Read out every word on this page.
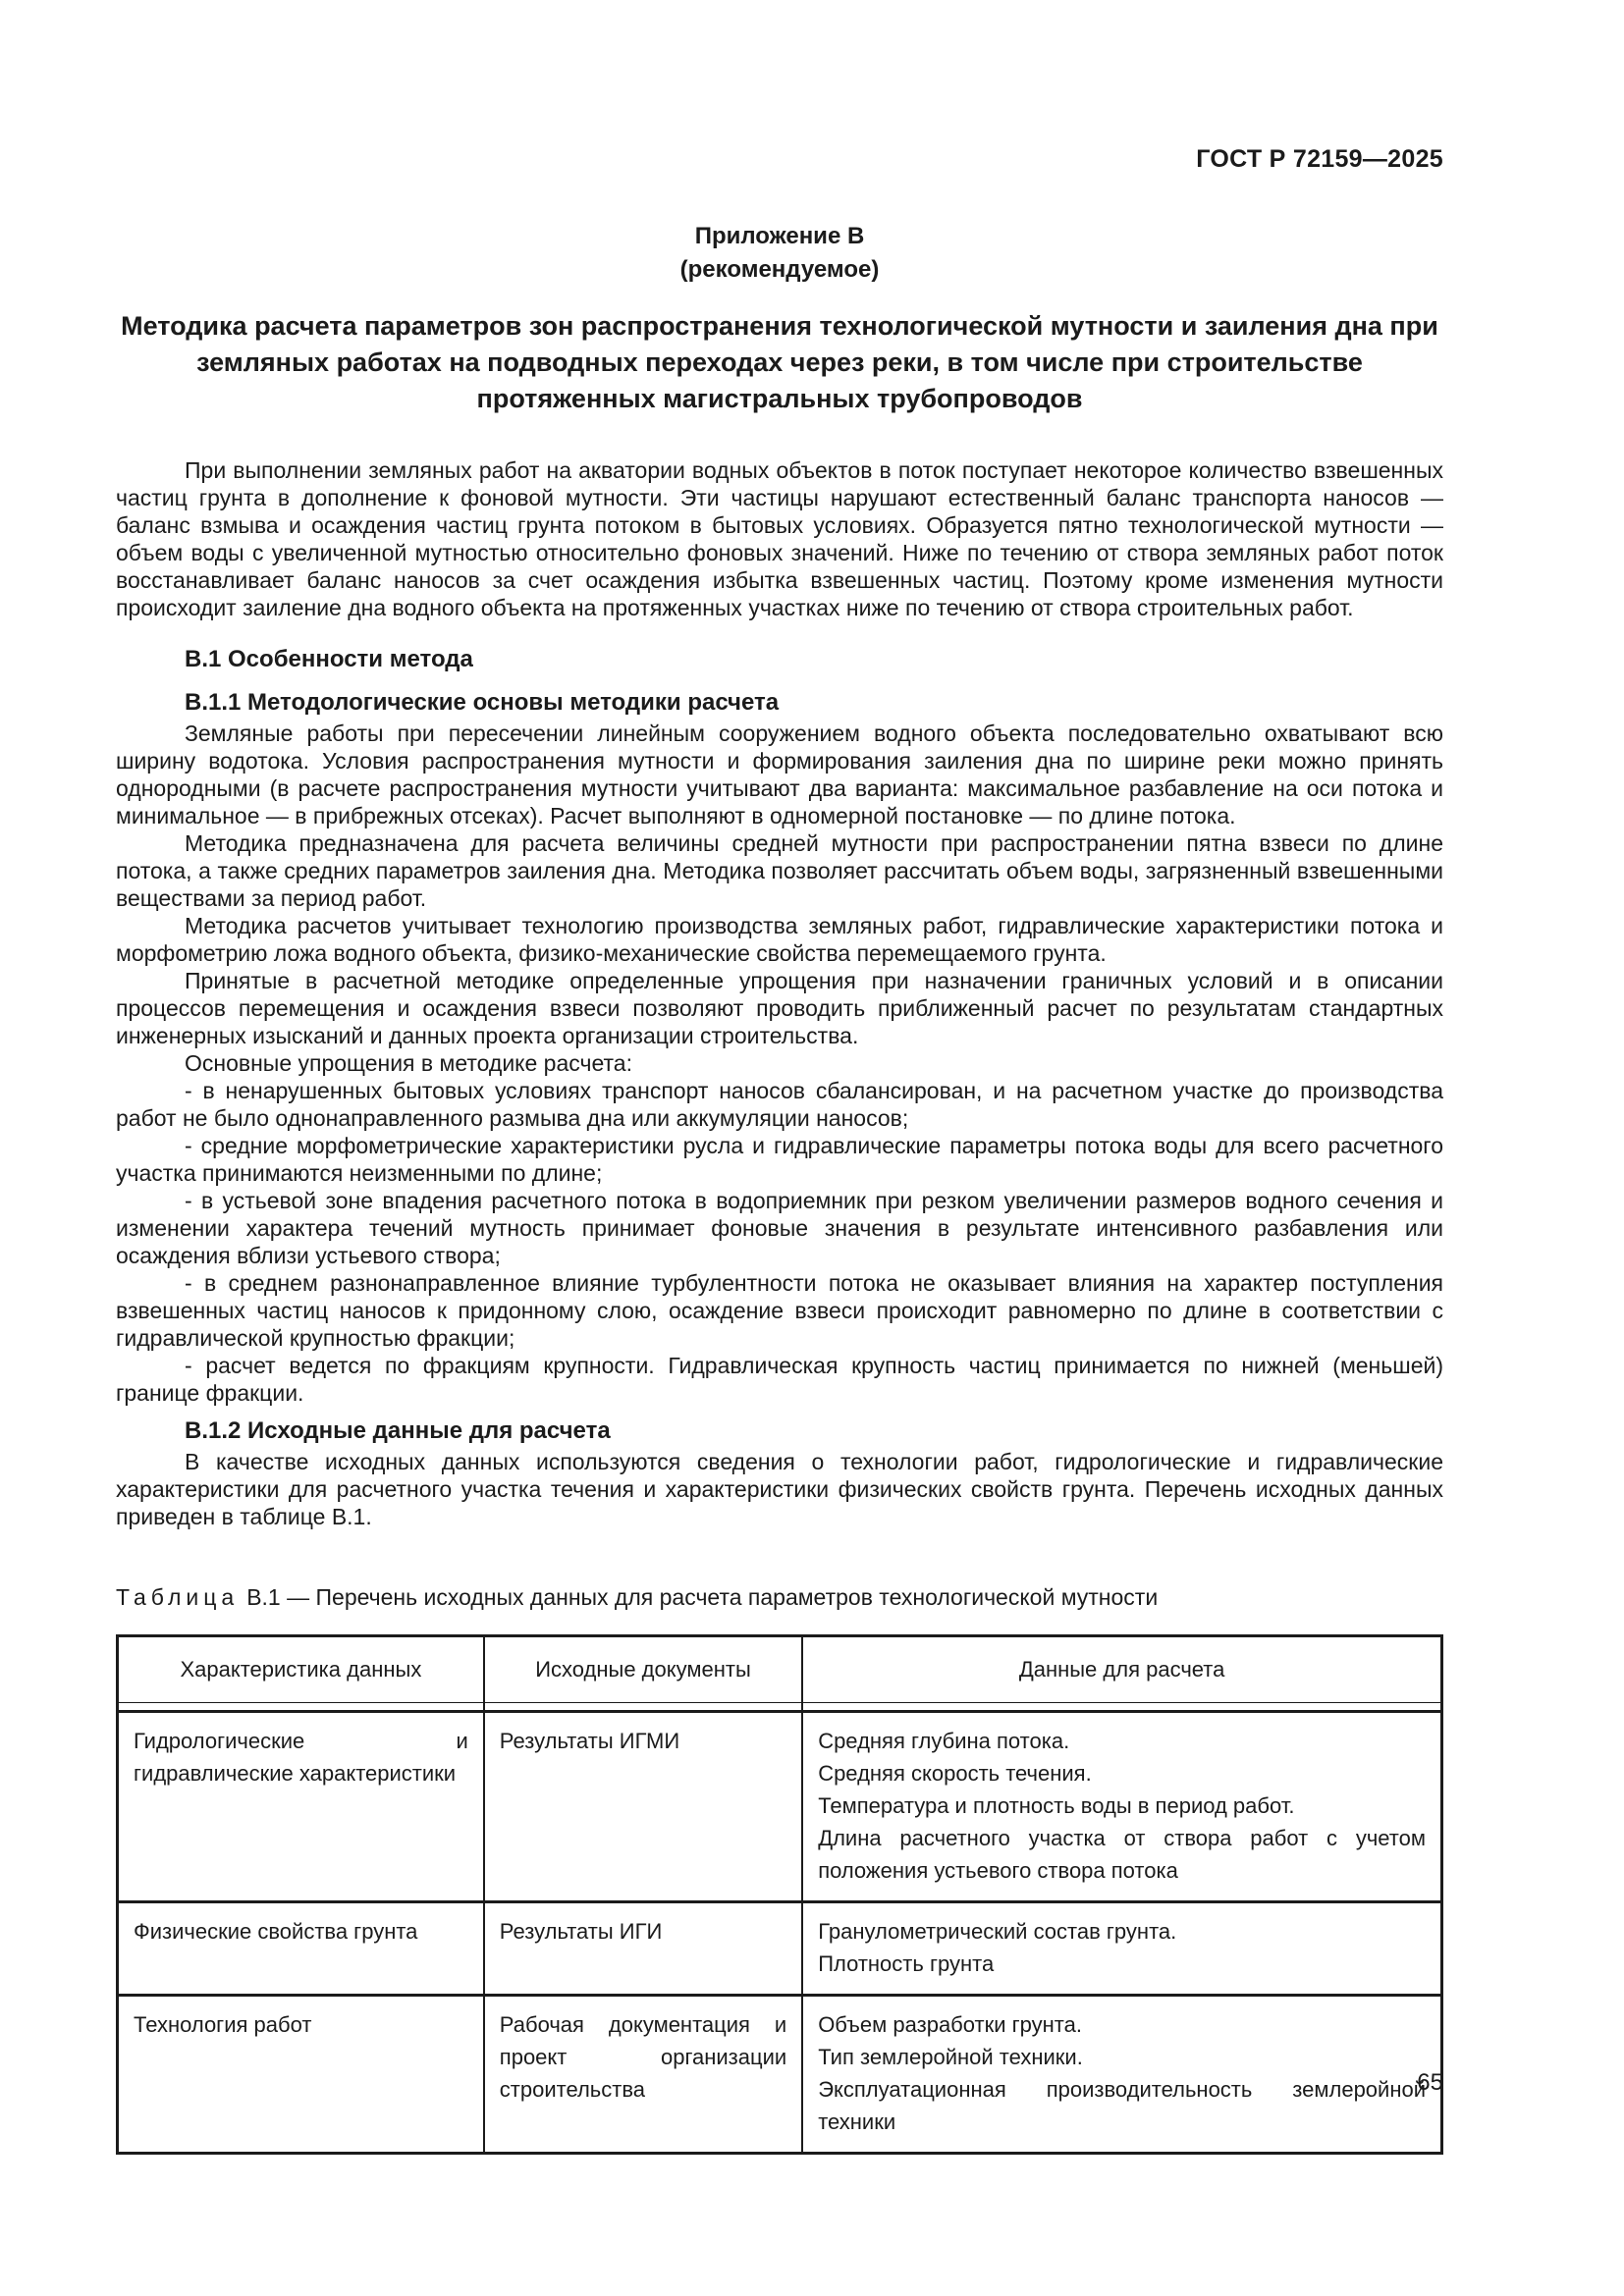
ГОСТ Р 72159—2025
Приложение В
(рекомендуемое)
Методика расчета параметров зон распространения технологической мутности и заиления дна при земляных работах на подводных переходах через реки, в том числе при строительстве протяженных магистральных трубопроводов

При выполнении земляных работ на акватории водных объектов в поток поступает некоторое количество взвешенных частиц грунта в дополнение к фоновой мутности. Эти частицы нарушают естественный баланс транспорта наносов — баланс взмыва и осаждения частиц грунта потоком в бытовых условиях. Образуется пятно технологической мутности — объем воды с увеличенной мутностью относительно фоновых значений. Ниже по течению от створа земляных работ поток восстанавливает баланс наносов за счет осаждения избытка взвешенных частиц. Поэтому кроме изменения мутности происходит заиление дна водного объекта на протяженных участках ниже по течению от створа строительных работ.

В.1 Особенности метода
В.1.1 Методологические основы методики расчета

Земляные работы при пересечении линейным сооружением водного объекта последовательно охватывают всю ширину водотока. Условия распространения мутности и формирования заиления дна по ширине реки можно принять однородными (в расчете распространения мутности учитывают два варианта: максимальное разбавление на оси потока и минимальное — в прибрежных отсеках). Расчет выполняют в одномерной постановке — по длине потока.

Методика предназначена для расчета величины средней мутности при распространении пятна взвеси по длине потока, а также средних параметров заиления дна. Методика позволяет рассчитать объем воды, загрязненный взвешенными веществами за период работ.

Методика расчетов учитывает технологию производства земляных работ, гидравлические характеристики потока и морфометрию ложа водного объекта, физико-механические свойства перемещаемого грунта.

Принятые в расчетной методике определенные упрощения при назначении граничных условий и в описании процессов перемещения и осаждения взвеси позволяют проводить приближенный расчет по результатам стандартных инженерных изысканий и данных проекта организации строительства.

Основные упрощения в методике расчета:

- в ненарушенных бытовых условиях транспорт наносов сбалансирован, и на расчетном участке до производства работ не было однонаправленного размыва дна или аккумуляции наносов;

- средние морфометрические характеристики русла и гидравлические параметры потока воды для всего расчетного участка принимаются неизменными по длине;

- в устьевой зоне впадения расчетного потока в водоприемник при резком увеличении размеров водного сечения и изменении характера течений мутность принимает фоновые значения в результате интенсивного разбавления или осаждения вблизи устьевого створа;

- в среднем разнонаправленное влияние турбулентности потока не оказывает влияния на характер поступления взвешенных частиц наносов к придонному слою, осаждение взвеси происходит равномерно по длине в соответствии с гидравлической крупностью фракции;

- расчет ведется по фракциям крупности. Гидравлическая крупность частиц принимается по нижней (меньшей) границе фракции.

В.1.2 Исходные данные для расчета

В качестве исходных данных используются сведения о технологии работ, гидрологические и гидравлические характеристики для расчетного участка течения и характеристики физических свойств грунта. Перечень исходных данных приведен в таблице В.1.

Таблица В.1 — Перечень исходных данных для расчета параметров технологической мутности
Характеристика данных	Исходные документы	Данные для расчета

Гидрологические и гидравлические характеристики	Результаты ИГМИ	Средняя глубина потока.
Средняя скорость течения.
Температура и плотность воды в период работ.
Длина расчетного участка от створа работ с учетом положения устьевого створа потока

Физические свойства грунта	Результаты ИГИ	Гранулометрический состав грунта.
Плотность грунта

Технология работ	Рабочая документация и проект организации строительства	Объем разработки грунта.
Тип землеройной техники.
Эксплуатационная производительность землеройной техники
65
